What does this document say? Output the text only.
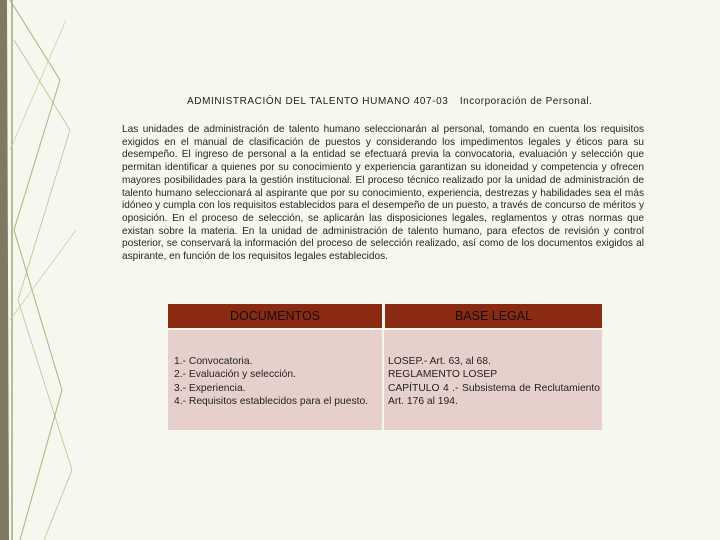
ADMINISTRACIÓN DEL TALENTO HUMANO 407-03 Incorporación de Personal.
Las unidades de administración de talento humano seleccionarán al personal, tomando en cuenta los requisitos exigidos en el manual de clasificación de puestos y considerando los impedimentos legales y éticos para su desempeño. El ingreso de personal a la entidad se efectuará previa la convocatoria, evaluación y selección que permitan identificar a quienes por su conocimiento y experiencia garantizan su idoneidad y competencia y ofrecen mayores posibilidades para la gestión institucional. El proceso técnico realizado por la unidad de administración de talento humano seleccionará al aspirante que por su conocimiento, experiencia, destrezas y habilidades sea el más idóneo y cumpla con los requisitos establecidos para el desempeño de un puesto, a través de concurso de méritos y oposición. En el proceso de selección, se aplicarán las disposiciones legales, reglamentos y otras normas que existan sobre la materia. En la unidad de administración de talento humano, para efectos de revisión y control posterior, se conservará la información del proceso de selección realizado, así como de los documentos exigidos al aspirante, en función de los requisitos legales establecidos.
DOCUMENTOS	BASE LEGAL
1.- Convocatoria.
2.- Evaluación y selección.
3.- Experiencia.
4.- Requisitos establecidos para el puesto.
LOSEP.- Art. 63, al 68.
REGLAMENTO LOSEP
CAPÍTULO 4 .- Subsistema de Reclutamiento
Art. 176 al 194.
